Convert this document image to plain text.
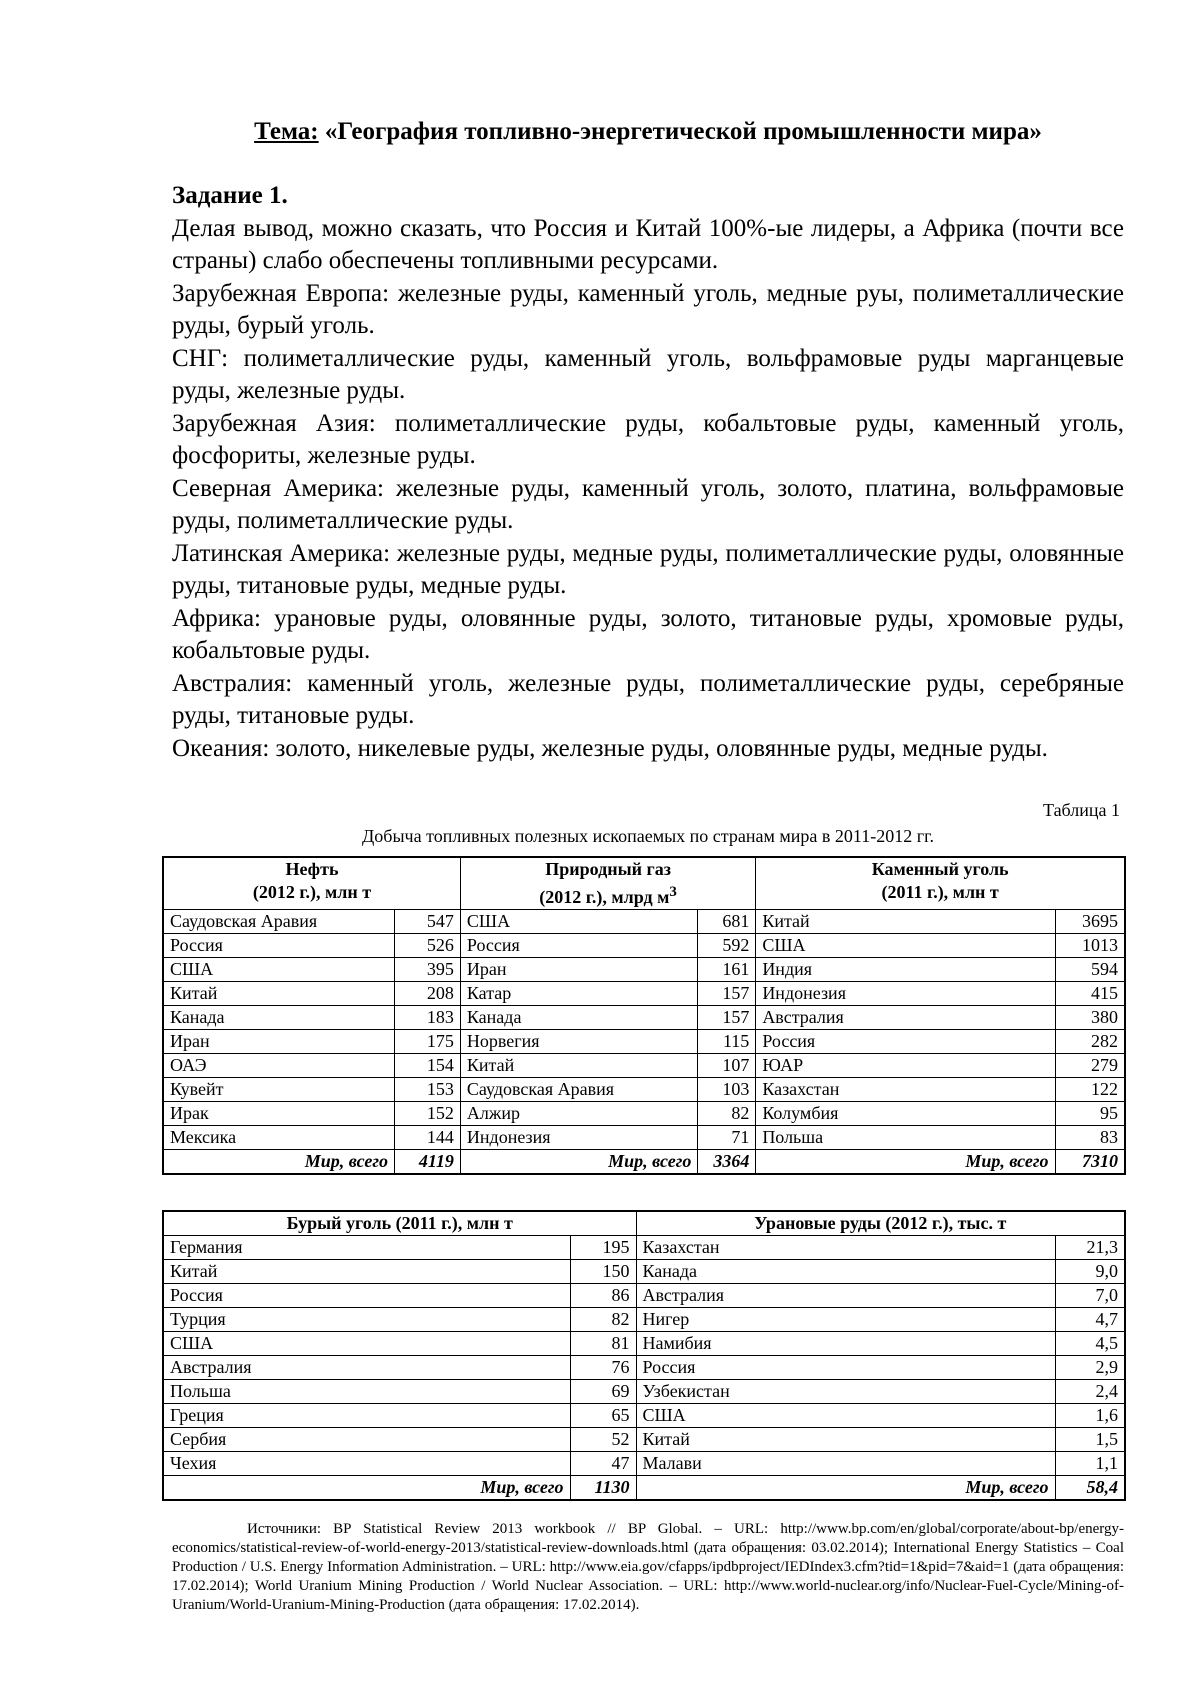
Тема: «География топливно-энергетической промышленности мира»

Задание 1.

Делая вывод, можно сказать, что Россия и Китай 100%-ые лидеры, а Африка (почти все страны) слабо обеспечены топливными ресурсами.

Зарубежная Европа: железные руды, каменный уголь, медные руы, полиметаллические руды, бурый уголь.

СНГ: полиметаллические руды, каменный уголь, вольфрамовые руды марганцевые руды, железные руды.

Зарубежная Азия: полиметаллические руды, кобальтовые руды, каменный уголь, фосфориты, железные руды.

Северная Америка: железные руды, каменный уголь, золото, платина, вольфрамовые руды, полиметаллические руды.

Латинская Америка: железные руды, медные руды, полиметаллические руды, оловянные руды, титановые руды, медные руды.

Африка: урановые руды, оловянные руды, золото, титановые руды, хромовые руды, кобальтовые руды.

Австралия: каменный уголь, железные руды, полиметаллические руды, серебряные руды, титановые руды.

Океания: золото, никелевые руды, железные руды, оловянные руды, медные руды.

Таблица 1
Добыча топливных полезных ископаемых по странам мира в 2011-2012 гг.
Нефть
(2012 г.), млн т		Природный газ
(2012 г.), млрд $м^3$		Каменный уголь
(2011 г.), млн т	
Саудовская Аравия	547	США	681	Китай	3695
Россия	526	Россия	592	США	1013
США	395	Иран	161	Индия	594
Китай	208	Катар	157	Индонезия	415
Канада	183	Канада	157	Австралия	380
Иран	175	Норвегия	115	Россия	282
ОАЭ	154	Китай	107	ЮАР	279
Кувейт	153	Саудовская Аравия	103	Казахстан	122
Ирак	152	Алжир	82	Колумбия	95
Мексика	144	Индонезия	71	Польша	83
Мир, всего	4119	Мир, всего	3364	Мир, всего	7310
Бурый уголь (2011 г.), млн т		Урановые руды (2012 г.), тыс. т	
Германия	195	Казахстан	21,3
Китай	150	Канада	9,0
Россия	86	Австралия	7,0
Турция	82	Нигер	4,7
США	81	Намибия	4,5
Австралия	76	Россия	2,9
Польша	69	Узбекистан	2,4
Греция	65	США	1,6
Сербия	52	Китай	1,5
Чехия	47	Малави	1,1
Мир, всего	1130	Мир, всего	58,4
Источники: BP Statistical Review 2013 workbook // BP Global. – URL: http://www.bp.com/en/global/corporate/about-bp/energy-economics/statistical-review-of-world-energy-2013/statistical-review-downloads.html (дата обращения: 03.02.2014); International Energy Statistics – Coal Production / U.S. Energy Information Administration. – URL: http://www.eia.gov/cfapps/ipdbproject/IEDIndex3.cfm?tid=1&pid=7&aid=1 (дата обращения: 17.02.2014); World Uranium Mining Production / World Nuclear Association. – URL: http://www.world-nuclear.org/info/Nuclear-Fuel-Cycle/Mining-of-Uranium/World-Uranium-Mining-Production (дата обращения: 17.02.2014).
